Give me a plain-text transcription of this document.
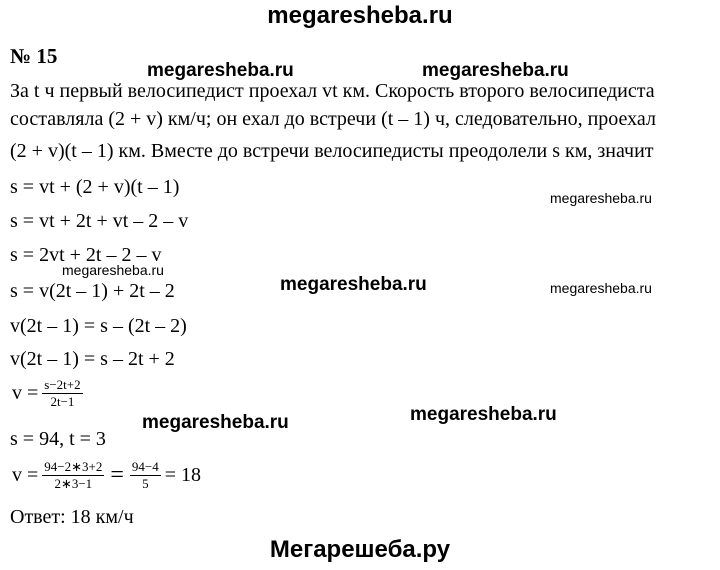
megaresheba.ru
№ 15
megaresheba.ru	megaresheba.ru
За t ч первый велосипедист проехал vt км. Скорость второго велосипедиста
составляла (2 + v) км/ч; он ехал до встречи (t – 1) ч, следовательно, проехал
(2 + v)(t – 1) км. Вместе до встречи велосипедисты преодолели s км, значит
s = vt + (2 + v)(t – 1)	megaresheba.ru
s = vt + 2t + vt – 2 – v
s = 2vt + 2t – 2 – v
megaresheba.ru
megaresheba.ru	megaresheba.ru
s = v(2t – 1) + 2t – 2
v(2t – 1) = s – (2t – 2)
v(2t – 1) = s – 2t + 2
$v = \frac{s-2t+2}{2t-1}$
megaresheba.ru	megaresheba.ru
s = 94, t = 3
$v = \frac{94-2∗3+2}{2∗3-1} = \frac{94-4}{5} = 18$
Ответ: 18 км/ч
Мегарешеба.ру
